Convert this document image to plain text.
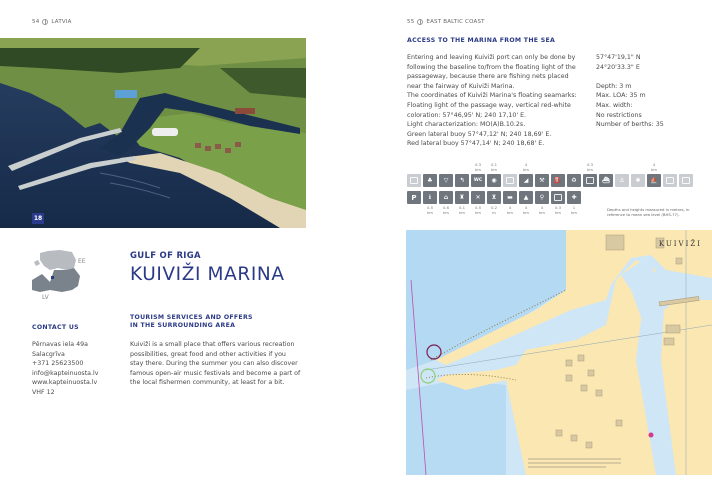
54 LATVIA
18
EE
LV
GULF OF RIGA
KUIVIŽI MARINA
CONTACT US
Pērnavas iela 49a
Salacgrīva
+371 25623500
info@kapteinuosta.lv
www.kapteinuosta.lv
VHF 12
TOURISM SERVICES AND OFFERS
IN THE SURROUNDING AREA
Kuiviži is a small place that offers various recreation
possibilities, great food and other activities if you
stay there. During the summer you can also discover
famous open-air music festivals and become a part of
the local fishermen community, at least for a bit.
55 EAST BALTIC COAST
ACCESS TO THE MARINA FROM THE SEA
Entering and leaving Kuiviži port can only be done by
following the baseline to/from the floating light of the
passageway, because there are fishing nets placed
near the fairway of Kuiviži Marina.
The coordinates of Kuiviži Marina's floating seamarks:
Floating light of the passage way, vertical red-white
coloration: 57°46,95' N; 240 17,10' E.
Light characterization: MO(A)B.10.2s.
Green lateral buoy 57°47,12' N; 240 18,69' E.
Red lateral buoy 57°47,14' N; 240 18,68' E.
57°47'19,1" N
24°20'33.3" E
Depth: 3 m
Max. LOA: 35 m
Max. width:
No restrictions
Number of berths: 35
0.3
km
0.1
km
4
km
0.3
km
4
km
♣ ▽ ↰ WC ◉	◢ ⚒ ⛽ ♻	⛴ ⚓ ✱ ⛵
P ℹ ⌂ ♜ ✕ ⊻ ▬ ▲ ⚲	✚
0.5
km
0.6
km
0.1
km
0.5
km
0.2
m
4
km
4
km
4
km
0.3
km
1
km	Depths and heights measured in metres, in reference to mean sea level (BHS-77).
KUIVIŽI
